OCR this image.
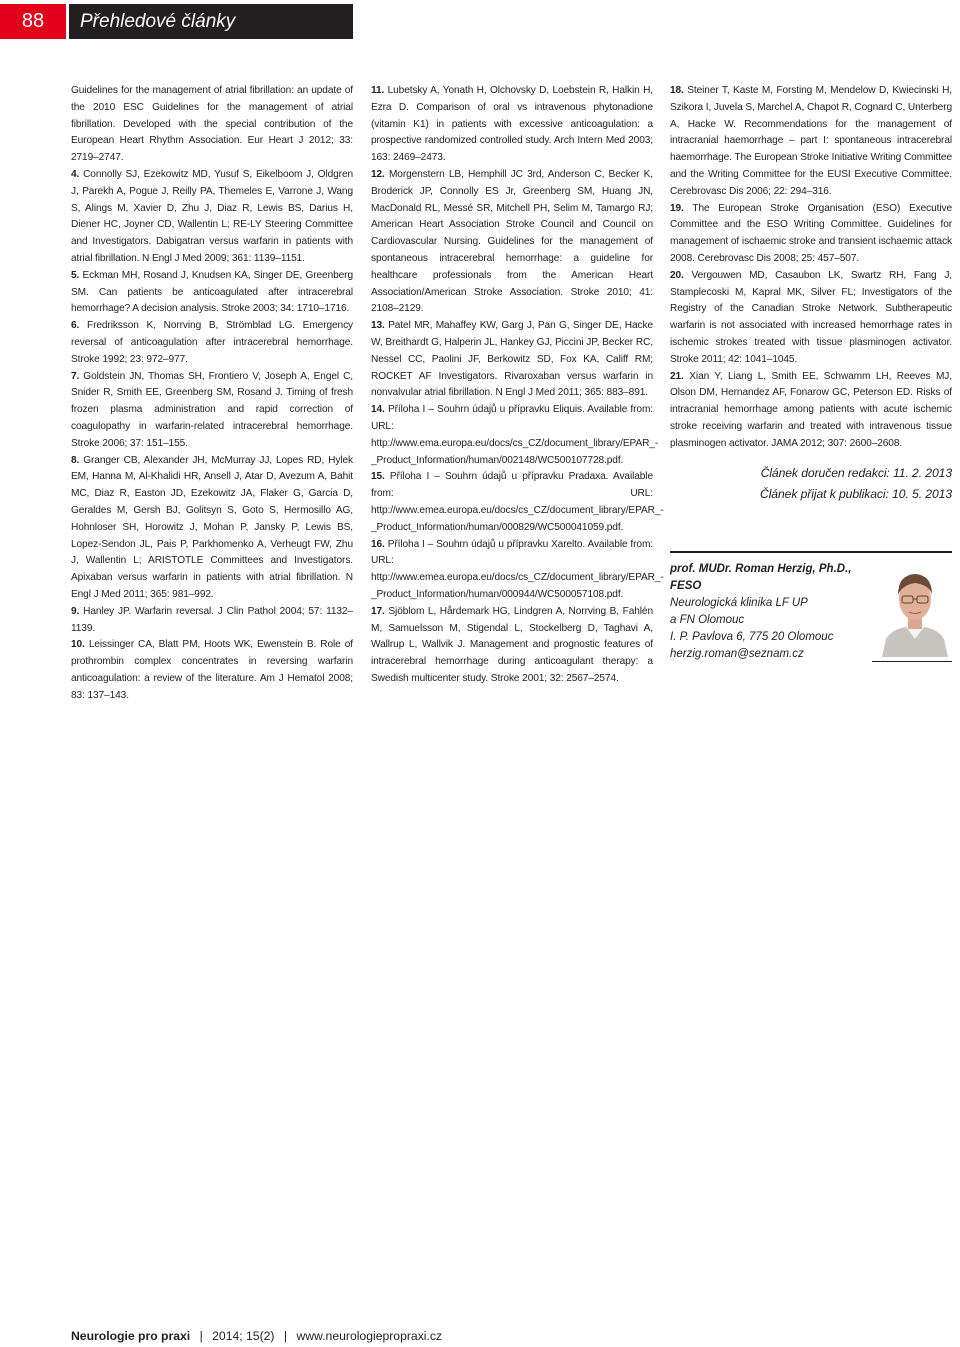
88	Přehledové články

Guidelines for the management of atrial fibrillation: an update of the 2010 ESC Guidelines for the management of atrial fibrillation. Developed with the special contribution of the European Heart Rhythm Association. Eur Heart J 2012; 33: 2719–2747.

4. Connolly SJ, Ezekowitz MD, Yusuf S, Eikelboom J, Oldgren J, Parekh A, Pogue J, Reilly PA, Themeles E, Varrone J, Wang S, Alings M, Xavier D, Zhu J, Diaz R, Lewis BS, Darius H, Diener HC, Joyner CD, Wallentin L; RE-LY Steering Committee and Investigators. Dabigatran versus warfarin in patients with atrial fibrillation. N Engl J Med 2009; 361: 1139–1151.

5. Eckman MH, Rosand J, Knudsen KA, Singer DE, Greenberg SM. Can patients be anticoagulated after intracerebral hemorrhage? A decision analysis. Stroke 2003; 34: 1710–1716.

6. Fredriksson K, Norrving B, Strömblad LG. Emergency reversal of anticoagulation after intracerebral hemorrhage. Stroke 1992; 23: 972–977.

7. Goldstein JN, Thomas SH, Frontiero V, Joseph A, Engel C, Snider R, Smith EE, Greenberg SM, Rosand J. Timing of fresh frozen plasma administration and rapid correction of coagulopathy in warfarin-related intracerebral hemorrhage. Stroke 2006; 37: 151–155.

8. Granger CB, Alexander JH, McMurray JJ, Lopes RD, Hylek EM, Hanna M, Al-Khalidi HR, Ansell J, Atar D, Avezum A, Bahit MC, Diaz R, Easton JD, Ezekowitz JA, Flaker G, Garcia D, Geraldes M, Gersh BJ, Golitsyn S, Goto S, Hermosillo AG, Hohnloser SH, Horowitz J, Mohan P, Jansky P, Lewis BS, Lopez-Sendon JL, Pais P, Parkhomenko A, Verheugt FW, Zhu J, Wallentin L; ARISTOTLE Committees and Investigators. Apixaban versus warfarin in patients with atrial fibrillation. N Engl J Med 2011; 365: 981–992.

9. Hanley JP. Warfarin reversal. J Clin Pathol 2004; 57: 1132–1139.

10. Leissinger CA, Blatt PM, Hoots WK, Ewenstein B. Role of prothrombin complex concentrates in reversing warfarin anticoagulation: a review of the literature. Am J Hematol 2008; 83: 137–143.

11. Lubetsky A, Yonath H, Olchovsky D, Loebstein R, Halkin H, Ezra D. Comparison of oral vs intravenous phytonadione (vitamin K1) in patients with excessive anticoagulation: a prospective randomized controlled study. Arch Intern Med 2003; 163: 2469–2473.

12. Morgenstern LB, Hemphill JC 3rd, Anderson C, Becker K, Broderick JP, Connolly ES Jr, Greenberg SM, Huang JN, MacDonald RL, Messé SR, Mitchell PH, Selim M, Tamargo RJ; American Heart Association Stroke Council and Council on Cardiovascular Nursing. Guidelines for the management of spontaneous intracerebral hemorrhage: a guideline for healthcare professionals from the American Heart Association/American Stroke Association. Stroke 2010; 41: 2108–2129.

13. Patel MR, Mahaffey KW, Garg J, Pan G, Singer DE, Hacke W, Breithardt G, Halperin JL, Hankey GJ, Piccini JP, Becker RC, Nessel CC, Paolini JF, Berkowitz SD, Fox KA, Califf RM; ROCKET AF Investigators. Rivaroxaban versus warfarin in nonvalvular atrial fibrillation. N Engl J Med 2011; 365: 883–891.

14. Příloha I – Souhrn údajů u přípravku Eliquis. Available from: URL: http://www.ema.europa.eu/docs/cs_CZ/document_library/EPAR_-_Product_Information/human/002148/WC500107728.pdf.

15. Příloha I – Souhrn údajů u přípravku Pradaxa. Available from: URL: http://www.emea.europa.eu/docs/cs_CZ/document_library/EPAR_-_Product_Information/human/000829/WC500041059.pdf.

16. Příloha I – Souhrn údajů u přípravku Xarelto. Available from: URL: http://www.emea.europa.eu/docs/cs_CZ/document_library/EPAR_-_Product_Information/human/000944/WC500057108.pdf.

17. Sjöblom L, Hårdemark HG, Lindgren A, Norrving B, Fahlén M, Samuelsson M, Stigendal L, Stockelberg D, Taghavi A, Wallrup L, Wallvik J. Management and prognostic features of intracerebral hemorrhage during anticoagulant therapy: a Swedish multicenter study. Stroke 2001; 32: 2567–2574.

18. Steiner T, Kaste M, Forsting M, Mendelow D, Kwiecinski H, Szikora I, Juvela S, Marchel A, Chapot R, Cognard C, Unterberg A, Hacke W. Recommendations for the management of intracranial haemorrhage – part I: spontaneous intracerebral haemorrhage. The European Stroke Initiative Writing Committee and the Writing Committee for the EUSI Executive Committee. Cerebrovasc Dis 2006; 22: 294–316.

19. The European Stroke Organisation (ESO) Executive Committee and the ESO Writing Committee. Guidelines for management of ischaemic stroke and transient ischaemic attack 2008. Cerebrovasc Dis 2008; 25: 457–507.

20. Vergouwen MD, Casaubon LK, Swartz RH, Fang J, Stamplecoski M, Kapral MK, Silver FL; Investigators of the Registry of the Canadian Stroke Network. Subtherapeutic warfarin is not associated with increased hemorrhage rates in ischemic strokes treated with tissue plasminogen activator. Stroke 2011; 42: 1041–1045.

21. Xian Y, Liang L, Smith EE, Schwamm LH, Reeves MJ, Olson DM, Hernandez AF, Fonarow GC, Peterson ED. Risks of intracranial hemorrhage among patients with acute ischemic stroke receiving warfarin and treated with intravenous tissue plasminogen activator. JAMA 2012; 307: 2600–2608.

Článek doručen redakci: 11. 2. 2013
Článek přijat k publikaci: 10. 5. 2013
prof. MUDr. Roman Herzig, Ph.D., FESO
Neurologická klinika LF UP
a FN Olomouc
I. P. Pavlova 6, 775 20 Olomouc
herzig.roman@seznam.cz
Neurologie pro praxi | 2014; 15(2) | www.neurologiepropraxi.cz
